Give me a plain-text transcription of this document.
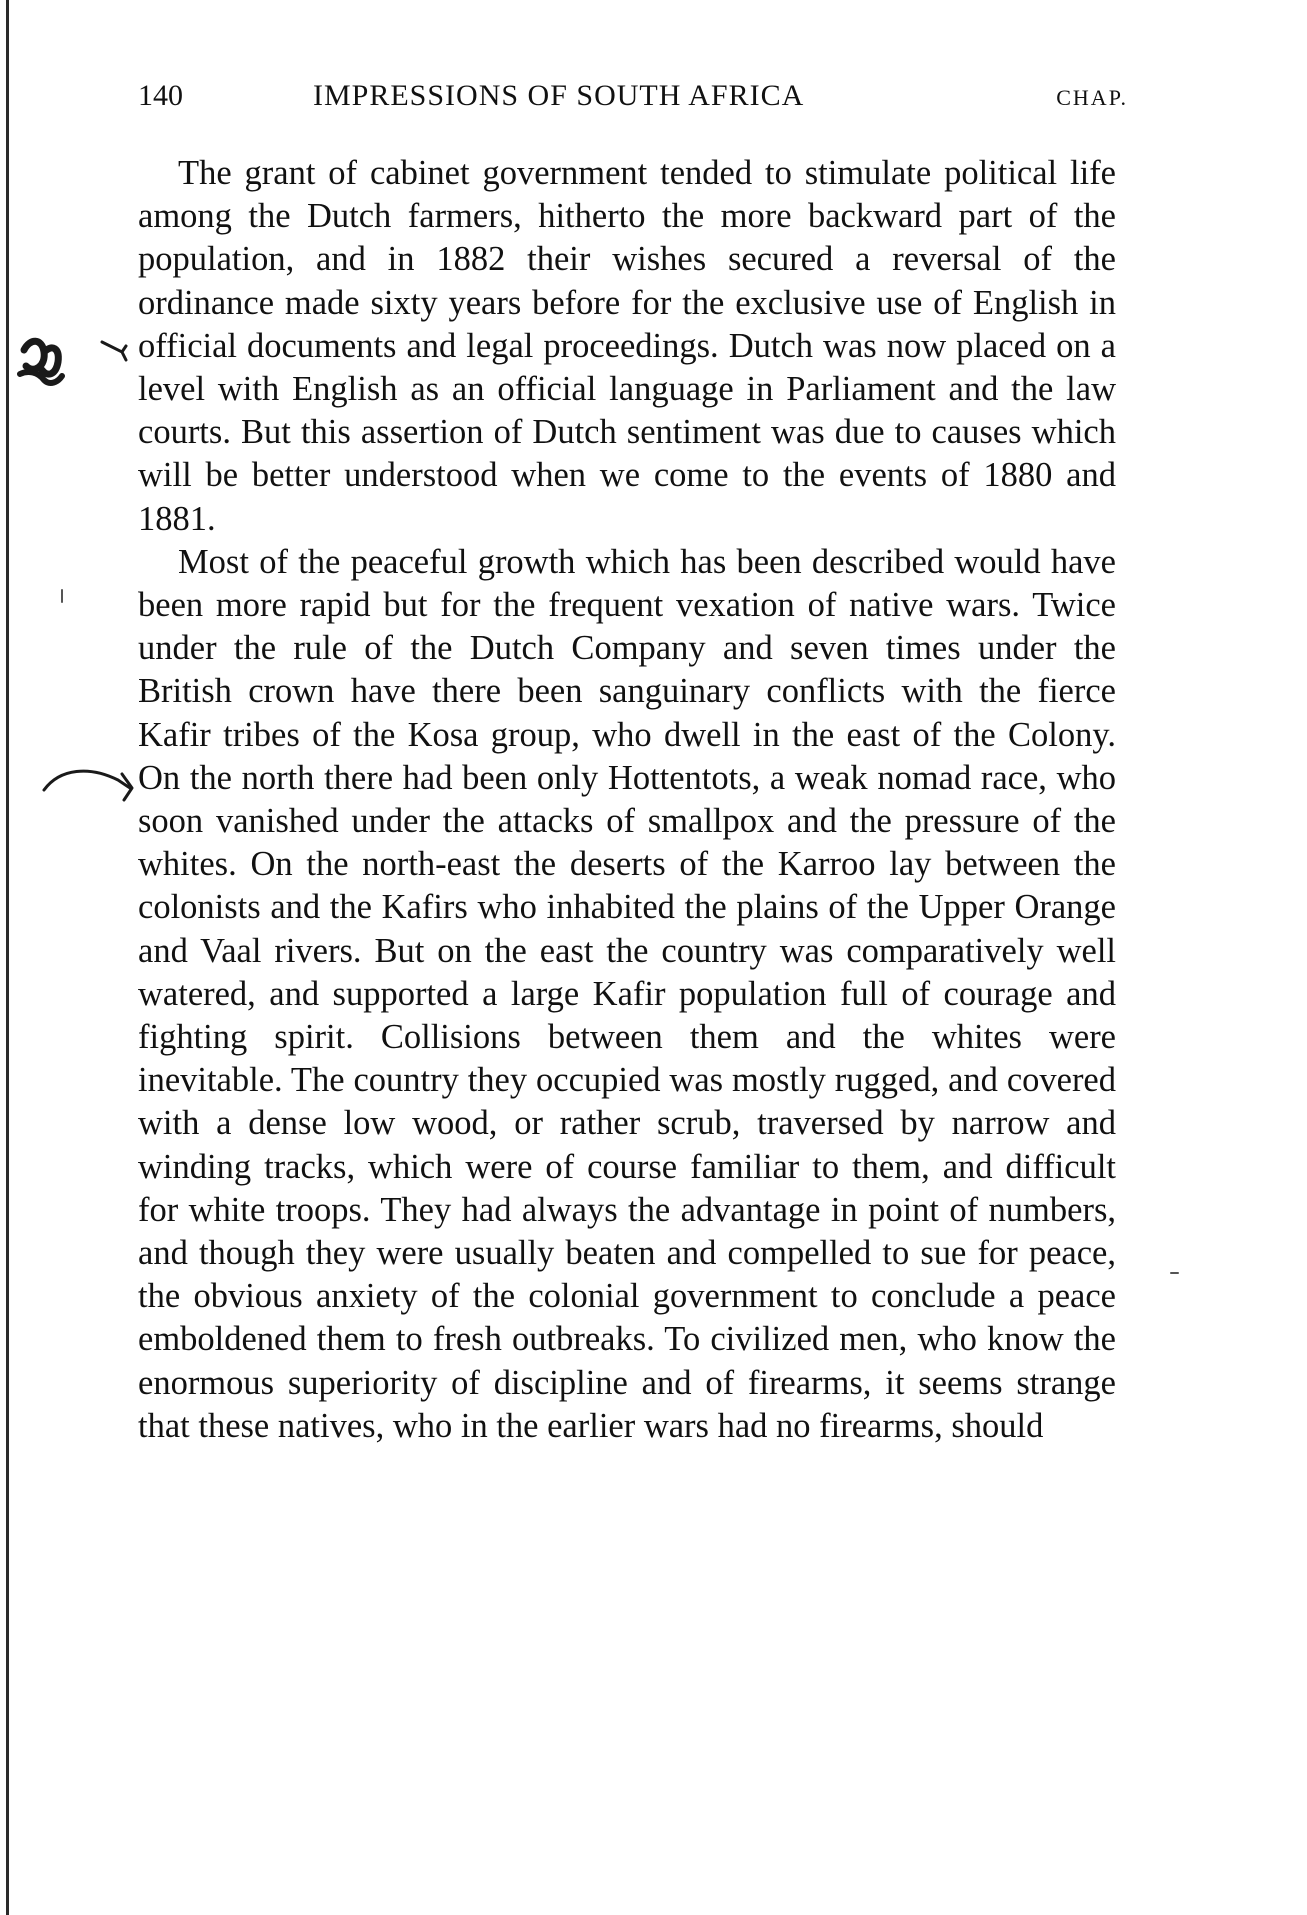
140	IMPRESSIONS OF SOUTH AFRICA	CHAP.

The grant of cabinet government tended to stimulate political life among the Dutch farmers, hitherto the more backward part of the population, and in 1882 their wishes secured a reversal of the ordinance made sixty years before for the exclusive use of English in official documents and legal proceedings. Dutch was now placed on a level with English as an official language in Parliament and the law courts. But this assertion of Dutch sentiment was due to causes which will be better understood when we come to the events of 1880 and 1881.

Most of the peaceful growth which has been described would have been more rapid but for the frequent vexation of native wars. Twice under the rule of the Dutch Company and seven times under the British crown have there been sanguinary conflicts with the fierce Kafir tribes of the Kosa group, who dwell in the east of the Colony. On the north there had been only Hottentots, a weak nomad race, who soon vanished under the attacks of smallpox and the pressure of the whites. On the north-east the deserts of the Karroo lay between the colonists and the Kafirs who inhabited the plains of the Upper Orange and Vaal rivers. But on the east the country was comparatively well watered, and supported a large Kafir population full of courage and fighting spirit. Collisions between them and the whites were inevitable. The country they occupied was mostly rugged, and covered with a dense low wood, or rather scrub, traversed by narrow and winding tracks, which were of course familiar to them, and difficult for white troops. They had always the advantage in point of numbers, and though they were usually beaten and compelled to sue for peace, the obvious anxiety of the colonial government to conclude a peace emboldened them to fresh outbreaks. To civilized men, who know the enormous superiority of discipline and of firearms, it seems strange that these natives, who in the earlier wars had no firearms, should
